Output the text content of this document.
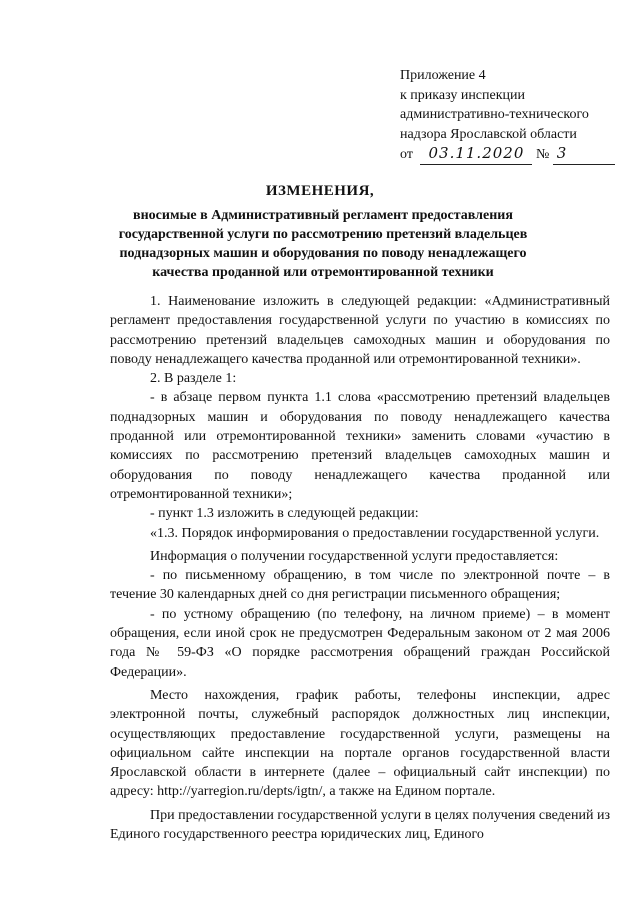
Приложение 4
к приказу инспекции
административно-технического
надзора Ярославской области
от 03.11.2020 № 3
ИЗМЕНЕНИЯ,
вносимые в Административный регламент предоставления государственной услуги по рассмотрению претензий владельцев поднадзорных машин и оборудования по поводу ненадлежащего качества проданной или отремонтированной техники

1. Наименование изложить в следующей редакции: «Административный регламент предоставления государственной услуги по участию в комиссиях по рассмотрению претензий владельцев самоходных машин и оборудования по поводу ненадлежащего качества проданной или отремонтированной техники».

2. В разделе 1:

- в абзаце первом пункта 1.1 слова «рассмотрению претензий владельцев поднадзорных машин и оборудования по поводу ненадлежащего качества проданной или отремонтированной техники» заменить словами «участию в комиссиях по рассмотрению претензий владельцев самоходных машин и оборудования по поводу ненадлежащего качества проданной или отремонтированной техники»;

- пункт 1.3 изложить в следующей редакции:

«1.3. Порядок информирования о предоставлении государственной услуги.

Информация о получении государственной услуги предоставляется:

- по письменному обращению, в том числе по электронной почте – в течение 30 календарных дней со дня регистрации письменного обращения;

- по устному обращению (по телефону, на личном приеме) – в момент обращения, если иной срок не предусмотрен Федеральным законом от 2 мая 2006 года № 59-ФЗ «О порядке рассмотрения обращений граждан Российской Федерации».

Место нахождения, график работы, телефоны инспекции, адрес электронной почты, служебный распорядок должностных лиц инспекции, осуществляющих предоставление государственной услуги, размещены на официальном сайте инспекции на портале органов государственной власти Ярославской области в интернете (далее – официальный сайт инспекции) по адресу: http://yarregion.ru/depts/igtn/, а также на Едином портале.

При предоставлении государственной услуги в целях получения сведений из Единого государственного реестра юридических лиц, Единого
